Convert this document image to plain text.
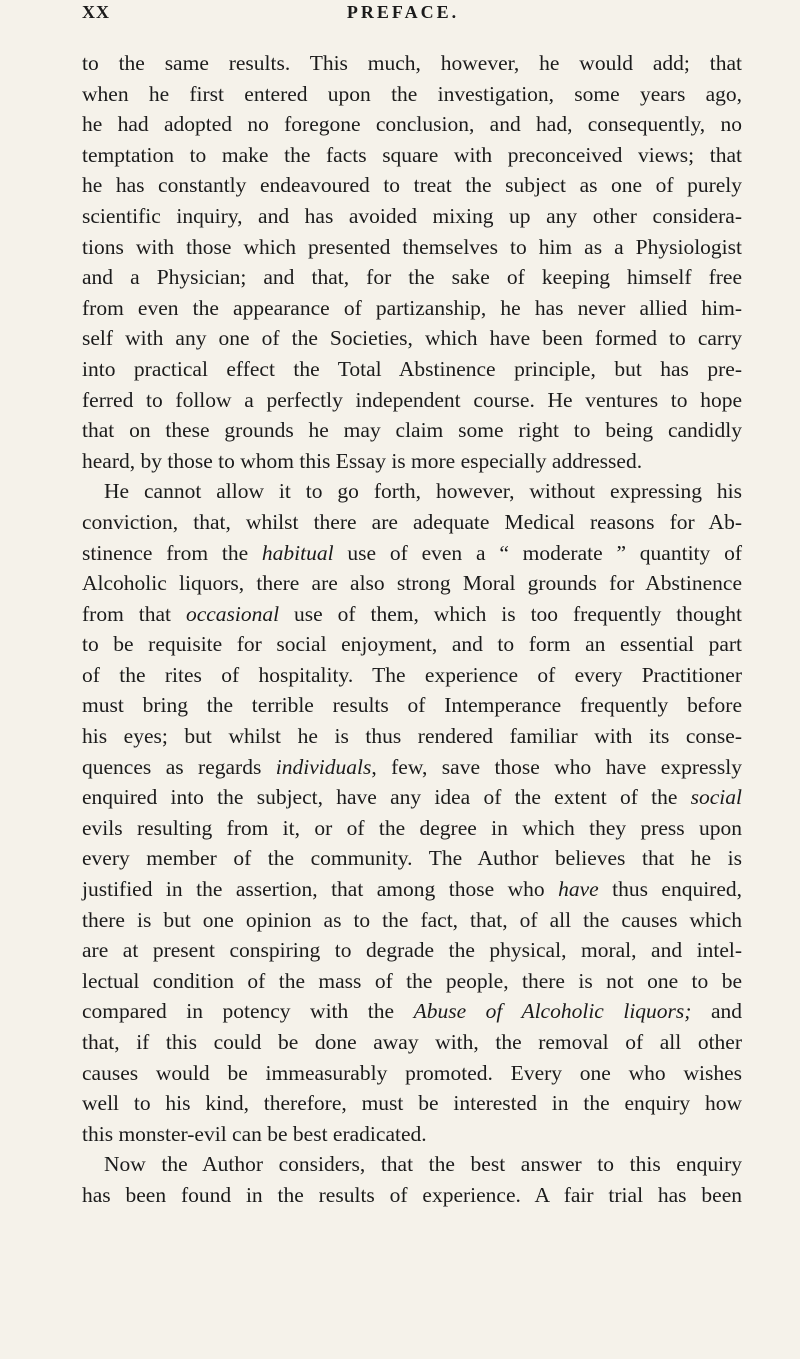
XX	PREFACE.
to the same results. This much, however, he would add; that
when he first entered upon the investigation, some years ago,
he had adopted no foregone conclusion, and had, consequently, no
temptation to make the facts square with preconceived views; that
he has constantly endeavoured to treat the subject as one of purely
scientific inquiry, and has avoided mixing up any other considera-
tions with those which presented themselves to him as a Physiologist
and a Physician; and that, for the sake of keeping himself free
from even the appearance of partizanship, he has never allied him-
self with any one of the Societies, which have been formed to carry
into practical effect the Total Abstinence principle, but has pre-
ferred to follow a perfectly independent course. He ventures to hope
that on these grounds he may claim some right to being candidly
heard, by those to whom this Essay is more especially addressed.
He cannot allow it to go forth, however, without expressing his
conviction, that, whilst there are adequate Medical reasons for Ab-
stinence from the habitual use of even a “ moderate ” quantity of
Alcoholic liquors, there are also strong Moral grounds for Abstinence
from that occasional use of them, which is too frequently thought
to be requisite for social enjoyment, and to form an essential part
of the rites of hospitality. The experience of every Practitioner
must bring the terrible results of Intemperance frequently before
his eyes; but whilst he is thus rendered familiar with its conse-
quences as regards individuals, few, save those who have expressly
enquired into the subject, have any idea of the extent of the social
evils resulting from it, or of the degree in which they press upon
every member of the community. The Author believes that he is
justified in the assertion, that among those who have thus enquired,
there is but one opinion as to the fact, that, of all the causes which
are at present conspiring to degrade the physical, moral, and intel-
lectual condition of the mass of the people, there is not one to be
compared in potency with the Abuse of Alcoholic liquors; and
that, if this could be done away with, the removal of all other
causes would be immeasurably promoted. Every one who wishes
well to his kind, therefore, must be interested in the enquiry how
this monster-evil can be best eradicated.
Now the Author considers, that the best answer to this enquiry
has been found in the results of experience. A fair trial has been
